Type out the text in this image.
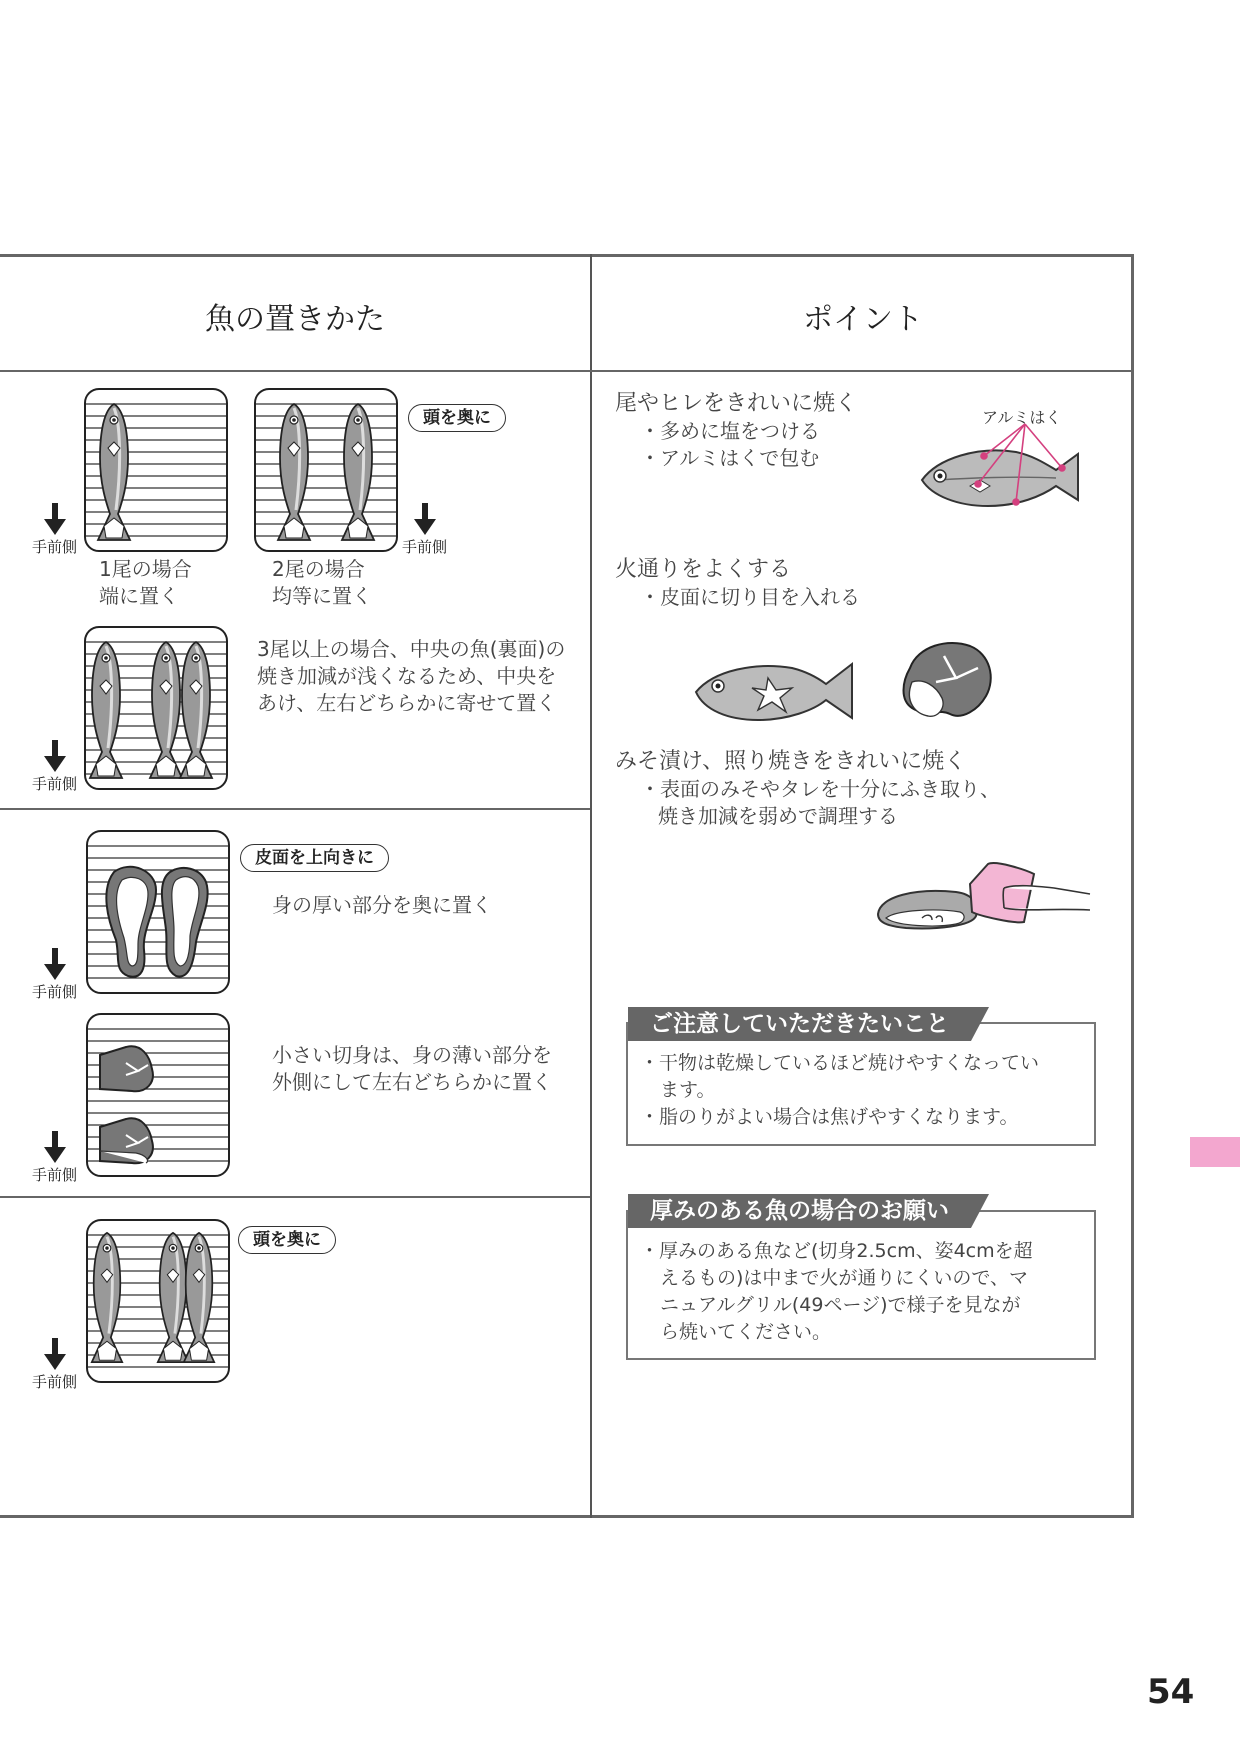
魚の置きかた	ポイント
頭を奥に
手前側	手前側
1尾の場合
端に置く
2尾の場合
均等に置く
3尾以上の場合、中央の魚(裏面)の
焼き加減が浅くなるため、中央を
あけ、左右どちらかに寄せて置く
手前側
皮面を上向きに
身の厚い部分を奥に置く
手前側
小さい切身は、身の薄い部分を
外側にして左右どちらかに置く
手前側
頭を奥に
手前側
尾やヒレをきれいに焼く
・多めに塩をつける
・アルミはくで包む
アルミはく
火通りをよくする
・皮面に切り目を入れる
みそ漬け、照り焼きをきれいに焼く
・表面のみそやタレを十分にふき取り、
焼き加減を弱めで調理する
ご注意していただきたいこと
・干物は乾燥しているほど焼けやすくなってい
ます。
・脂のりがよい場合は焦げやすくなります。
厚みのある魚の場合のお願い
・厚みのある魚など(切身2.5cm、姿4cmを超
えるもの)は中まで火が通りにくいので、マ
ニュアルグリル(49ページ)で様子を見なが
ら焼いてください。
54
